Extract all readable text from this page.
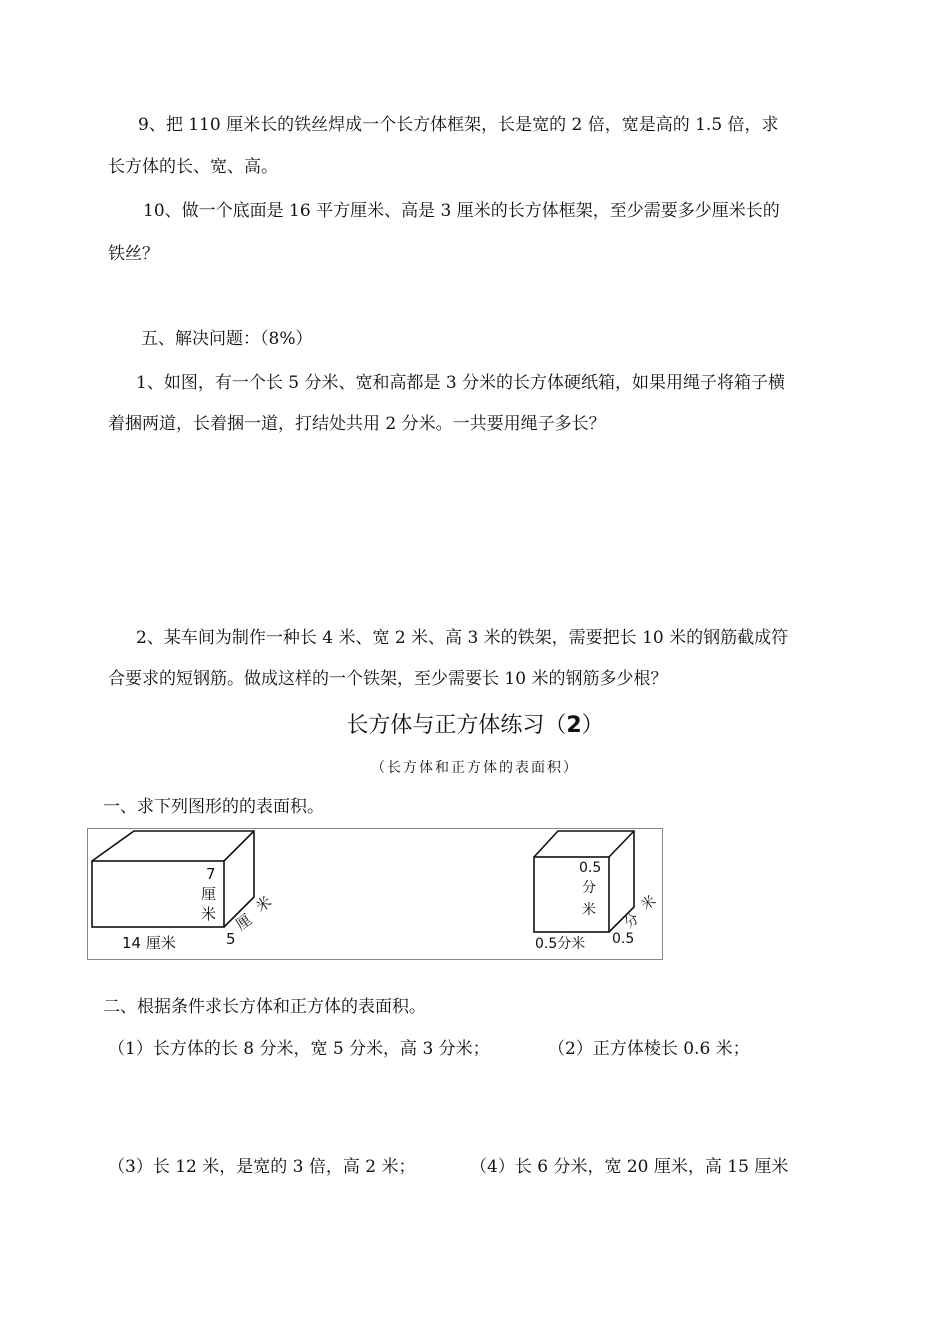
9、把 110 厘米长的铁丝焊成一个长方体框架，长是宽的 2 倍，宽是高的 1.5 倍，求
长方体的长、宽、高。
10、做一个底面是 16 平方厘米、高是 3 厘米的长方体框架，至少需要多少厘米长的
铁丝？
五、解决问题：（8%）
1、如图，有一个长 5 分米、宽和高都是 3 分米的长方体硬纸箱，如果用绳子将箱子横
着捆两道，长着捆一道，打结处共用 2 分米。一共要用绳子多长？
2、某车间为制作一种长 4 米、宽 2 米、高 3 米的铁架，需要把长 10 米的钢筋截成符
合要求的短钢筋。做成这样的一个铁架，至少需要长 10 米的钢筋多少根？
长方体与正方体练习（2）
（长方体和正方体的表面积）
一、求下列图形的的表面积。
7
厘
米
14 厘米	5
厘
米
0.5
分
米
0.5分米 0.5
分
米
二、根据条件求长方体和正方体的表面积。
（1）长方体的长 8 分米，宽 5 分米，高 3 分米；	（2）正方体棱长 0.6 米；
（3）长 12 米，是宽的 3 倍，高 2 米；	（4）长 6 分米，宽 20 厘米，高 15 厘米
